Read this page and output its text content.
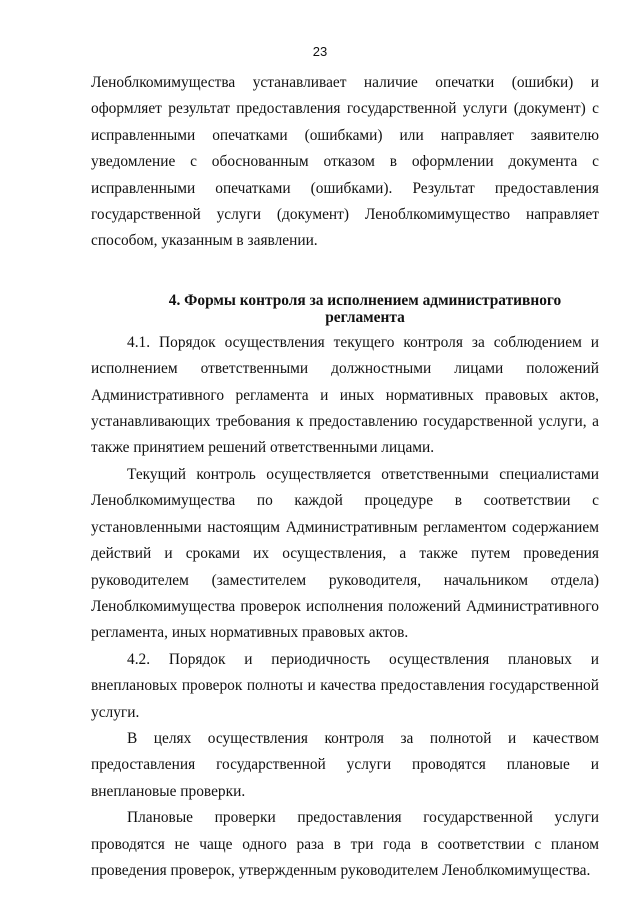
23

Леноблкомимущества устанавливает наличие опечатки (ошибки) и оформляет результат предоставления государственной услуги (документ) с исправленными опечатками (ошибками) или направляет заявителю уведомление с обоснованным отказом в оформлении документа с исправленными опечатками (ошибками). Результат предоставления государственной услуги (документ) Леноблкомимущество направляет способом, указанным в заявлении.

4. Формы контроля за исполнением административного регламента

4.1. Порядок осуществления текущего контроля за соблюдением и исполнением ответственными должностными лицами положений Административного регламента и иных нормативных правовых актов, устанавливающих требования к предоставлению государственной услуги, а также принятием решений ответственными лицами.

Текущий контроль осуществляется ответственными специалистами Леноблкомимущества по каждой процедуре в соответствии с установленными настоящим Административным регламентом содержанием действий и сроками их осуществления, а также путем проведения руководителем (заместителем руководителя, начальником отдела) Леноблкомимущества проверок исполнения положений Административного регламента, иных нормативных правовых актов.

4.2. Порядок и периодичность осуществления плановых и внеплановых проверок полноты и качества предоставления государственной услуги.

В целях осуществления контроля за полнотой и качеством предоставления государственной услуги проводятся плановые и внеплановые проверки.

Плановые проверки предоставления государственной услуги проводятся не чаще одного раза в три года в соответствии с планом проведения проверок, утвержденным руководителем Леноблкомимущества.
